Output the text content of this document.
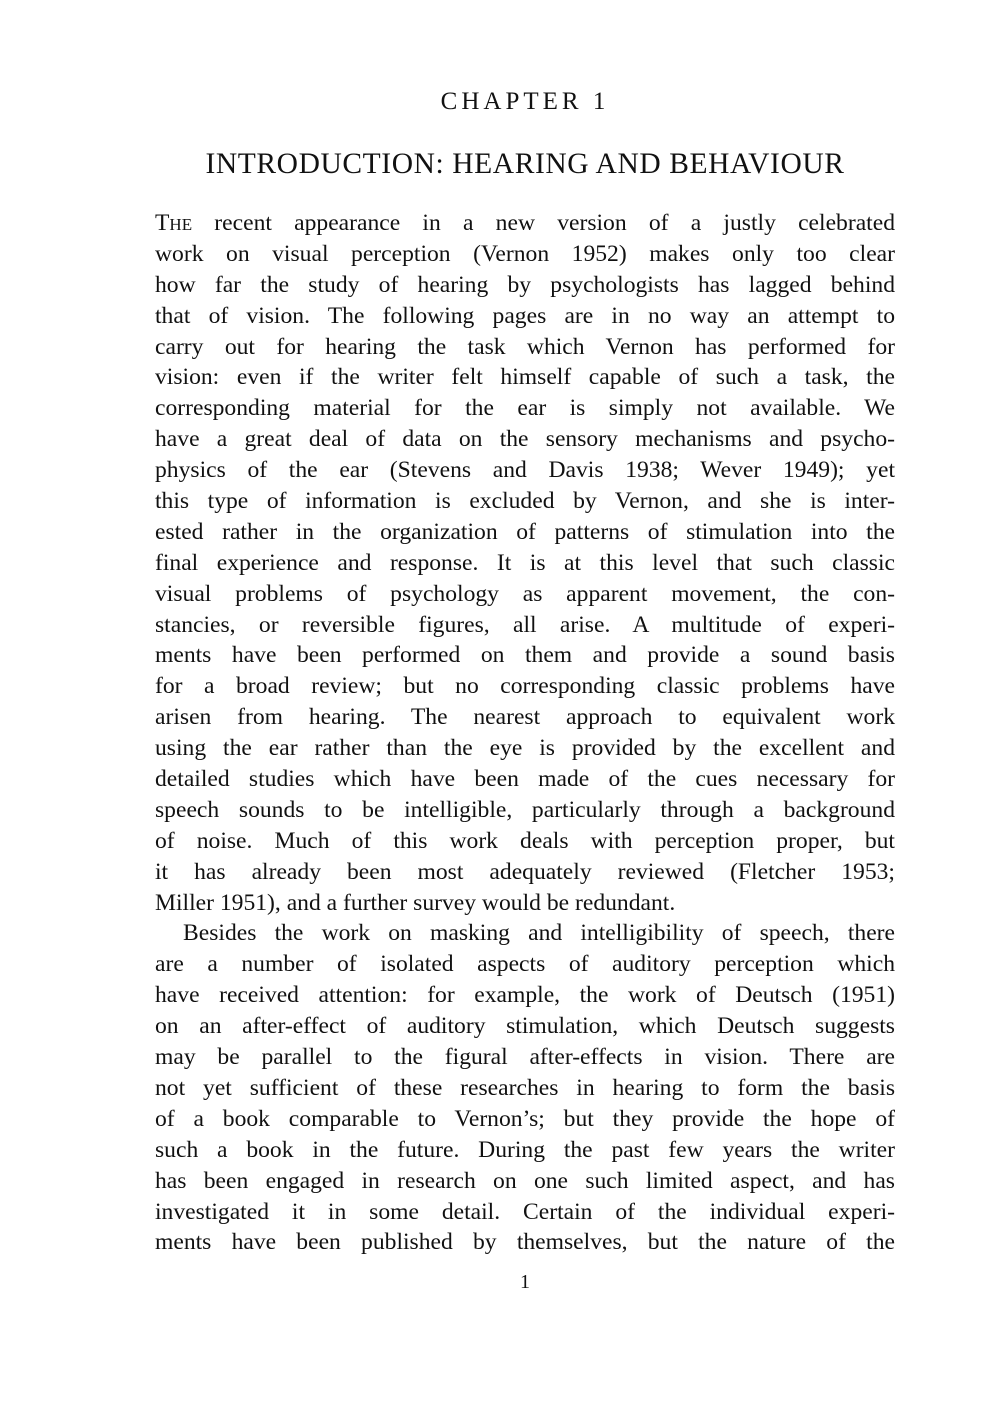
CHAPTER 1
INTRODUCTION: HEARING AND BEHAVIOUR
The recent appearance in a new version of a justly celebrated
work on visual perception (Vernon 1952) makes only too clear
how far the study of hearing by psychologists has lagged behind
that of vision. The following pages are in no way an attempt to
carry out for hearing the task which Vernon has performed for
vision: even if the writer felt himself capable of such a task, the
corresponding material for the ear is simply not available. We
have a great deal of data on the sensory mechanisms and psycho-
physics of the ear (Stevens and Davis 1938; Wever 1949); yet
this type of information is excluded by Vernon, and she is inter-
ested rather in the organization of patterns of stimulation into the
final experience and response. It is at this level that such classic
visual problems of psychology as apparent movement, the con-
stancies, or reversible figures, all arise. A multitude of experi-
ments have been performed on them and provide a sound basis
for a broad review; but no corresponding classic problems have
arisen from hearing. The nearest approach to equivalent work
using the ear rather than the eye is provided by the excellent and
detailed studies which have been made of the cues necessary for
speech sounds to be intelligible, particularly through a background
of noise. Much of this work deals with perception proper, but
it has already been most adequately reviewed (Fletcher 1953;
Miller 1951), and a further survey would be redundant.
Besides the work on masking and intelligibility of speech, there
are a number of isolated aspects of auditory perception which
have received attention: for example, the work of Deutsch (1951)
on an after-effect of auditory stimulation, which Deutsch suggests
may be parallel to the figural after-effects in vision. There are
not yet sufficient of these researches in hearing to form the basis
of a book comparable to Vernon’s; but they provide the hope of
such a book in the future. During the past few years the writer
has been engaged in research on one such limited aspect, and has
investigated it in some detail. Certain of the individual experi-
ments have been published by themselves, but the nature of the
1
